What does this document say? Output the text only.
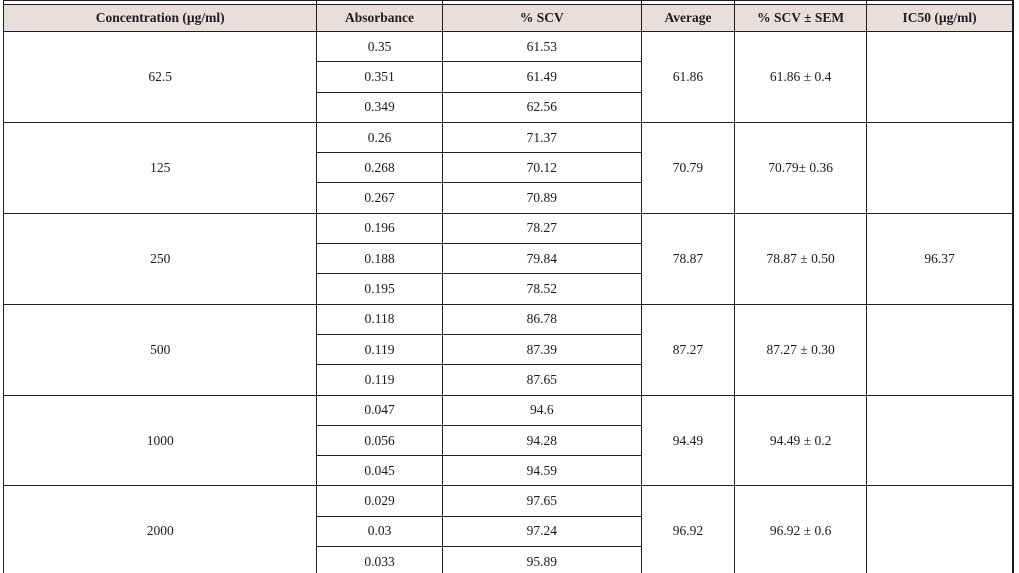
Concentration (µg/ml)	Absorbance	% SCV	Average	% SCV ± SEM	IC50 (µg/ml)
62.5	0.35	61.53	61.86	61.86 ± 0.4	
	0.351	61.49			
	0.349	62.56			
125	0.26	71.37	70.79	70.79± 0.36	
	0.268	70.12			
	0.267	70.89			
250	0.196	78.27	78.87	78.87 ± 0.50	96.37
	0.188	79.84			
	0.195	78.52			
500	0.118	86.78	87.27	87.27 ± 0.30	
	0.119	87.39			
	0.119	87.65			
1000	0.047	94.6	94.49	94.49 ± 0.2	
	0.056	94.28			
	0.045	94.59			
2000	0.029	97.65	96.92	96.92 ± 0.6	
	0.03	97.24			
	0.033	95.89			
